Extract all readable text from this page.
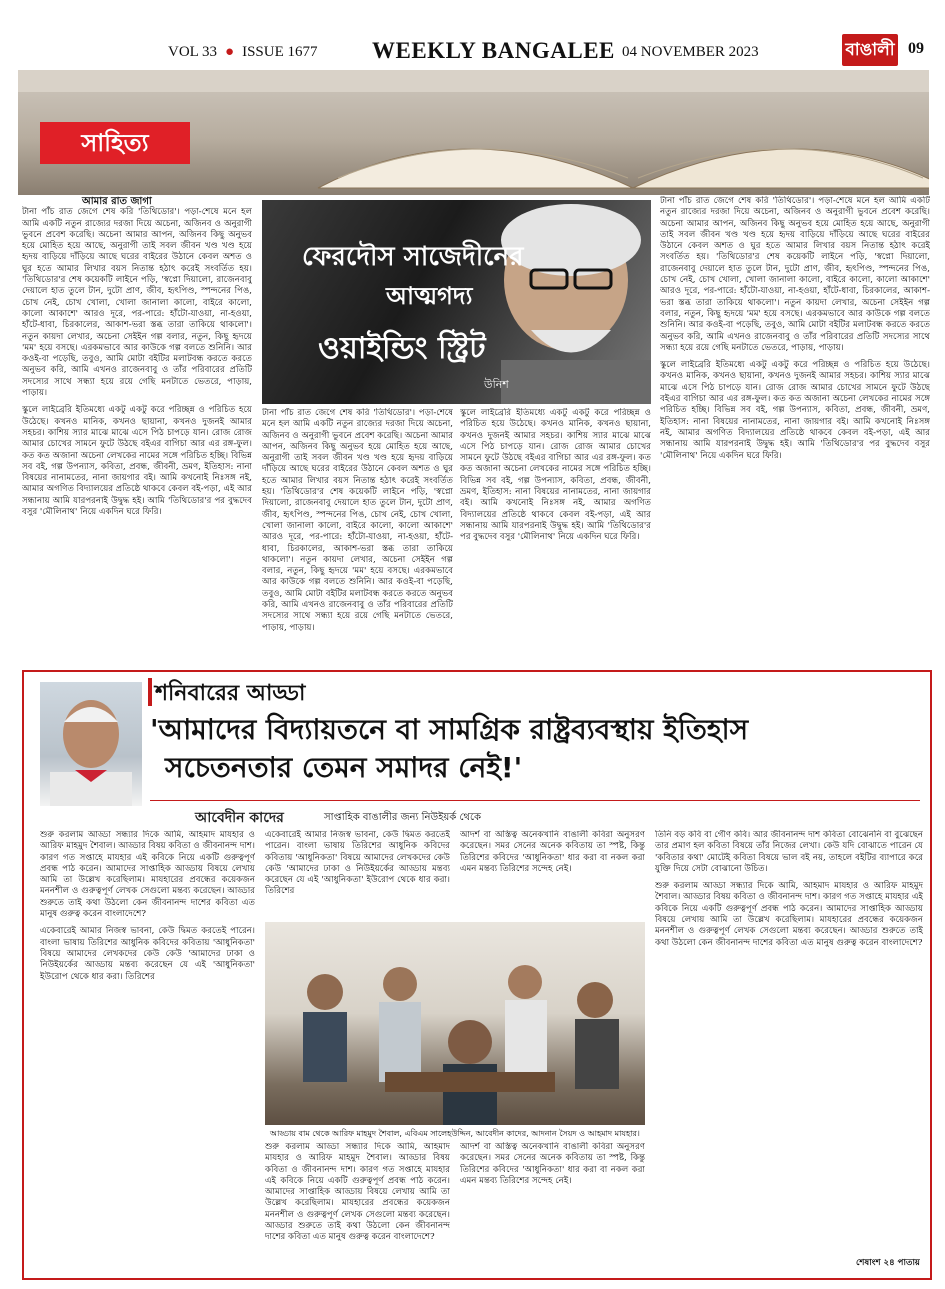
VOL 33 ● ISSUE 1677 WEEKLY BANGALEE 04 NOVEMBER 2023	বাঙালী 09
সাহিত্য
আমার রাত জাগা

টানা পাঁচ রাত জেগে শেষ করি 'তিথিডোর'। পড়া-শেষে মনে হল আমি একটি নতুন রাজ্যের দরজা দিয়ে অচেনা, অজিনব ও অনুরাগী ভুবনে প্রবেশ করেছি। অচেনা আমার আপন, অজিনব কিছু অনুভব হয়ে মোহিত হয়ে আছে, অনুরাগী তাই সবল জীবন খণ্ড খণ্ড হয়ে হৃদয় বাড়িয়ে দাঁড়িয়ে আছে ঘরের বাইরের উঠানে কেবল অশত ও ঘুর হতে আমার লিখার বয়স নিতান্ত হঠাৎ করেই সংবর্তিত হয়। 'তিথিডোর'র শেষ কয়েকটি লাইনে পড়ি, 'স্বপ্নো দিয়ালো, রাজেনবাবু দেয়ালে হাত তুলে টান, দুটো প্রাণ, জীব, হৃৎপিণ্ড, স্পন্দনের পিঙ, চোখ নেই, চোখ খোলা, খোলা জানালা কালো, বাইরে কালো, কালো আকাশে' আরও দূরে, পর-পারে: হাঁটো-যাওয়া, না-হওয়া, হাঁটে-ধাবা, চিরকালের, আকাশ-ভরা স্তব্ধ তারা তাকিয়ে থাকলো'। নতুন কায়দা লেখার, অচেনা সেইইন গল্প বলার, নতুন, কিছু হৃদয়ে 'মম' হয়ে বসছে। এরকমভাবে আর কাউকে গল্প বলতে শুনিনি। আর কওই-বা পড়েছি, তবুও, আমি মোটা বইটির মলাটবন্ধ করতে করতে অনুভব করি, আমি এখনও রাজেনবাবু ও তাঁর পরিবারের প্রতিটি সদস্যের সাথে সন্ধ্যা হয়ে রয়ে গেছি মনটাতে ভেতরে, পাড়ায়, পাড়ায়।

স্কুলে লাইব্রেরি ইতিমধ্যে একটু একটু করে পরিচ্ছন্ন ও পরিচিত হয়ে উঠেছে। কখনও মানিক, কখনও ছায়ানা, কখনও দুজনই আমার সহচর। কাশিয় স্যার মাঝে মাঝে এসে পিঠ চাপড়ে যান। রোজ রোজ আমার চোখের সামনে ফুটে উঠছে বইএর বাগিচা আর এর রঙ্গ-ফুল। কত কত অজানা অচেনা লেখকের নামের সঙ্গে পরিচিত হচ্ছি। বিভিন্ন সব বই, গল্প উপন্যাস, কবিতা, প্রবন্ধ, জীবনী, ভ্রমণ, ইতিহাস: নানা বিষয়ের নানামতের, নানা জায়গার বই। আমি কখনোই নিঃসঙ্গ নই, আমার অগণিত বিদ্যালয়ের প্রতিষ্ঠে থাকবে কেবল বই-পড়া, এই আর সন্ধানায় আমি যারপরনাই উদ্বুদ্ধ হই। আমি 'তিথিডোর'র পর বুদ্ধদেব বসুর 'মৌলিনাথ' নিয়ে একদিন ঘরে ফিরি।

ফেরদৌস সাজেদীনের
আত্মগদ্য
ওয়াইন্ডিং স্ট্রিট
উনিশ

টানা পাঁচ রাত জেগে শেষ করি 'তিথিডোর'। পড়া-শেষে মনে হল আমি একটি নতুন রাজ্যের দরজা দিয়ে অচেনা, অজিনব ও অনুরাগী ভুবনে প্রবেশ করেছি। অচেনা আমার আপন, অজিনব কিছু অনুভব হয়ে মোহিত হয়ে আছে, অনুরাগী তাই সবল জীবন খণ্ড খণ্ড হয়ে হৃদয় বাড়িয়ে দাঁড়িয়ে আছে ঘরের বাইরের উঠানে কেবল অশত ও ঘুর হতে আমার লিখার বয়স নিতান্ত হঠাৎ করেই সংবর্তিত হয়। 'তিথিডোর'র শেষ কয়েকটি লাইনে পড়ি, 'স্বপ্নো দিয়ালো, রাজেনবাবু দেয়ালে হাত তুলে টান, দুটো প্রাণ, জীব, হৃৎপিণ্ড, স্পন্দনের পিঙ, চোখ নেই, চোখ খোলা, খোলা জানালা কালো, বাইরে কালো, কালো আকাশে' আরও দূরে, পর-পারে: হাঁটো-যাওয়া, না-হওয়া, হাঁটে-ধাবা, চিরকালের, আকাশ-ভরা স্তব্ধ তারা তাকিয়ে থাকলো'। নতুন কায়দা লেখার, অচেনা সেইইন গল্প বলার, নতুন, কিছু হৃদয়ে 'মম' হয়ে বসছে। এরকমভাবে আর কাউকে গল্প বলতে শুনিনি। আর কওই-বা পড়েছি, তবুও, আমি মোটা বইটির মলাটবন্ধ করতে করতে অনুভব করি, আমি এখনও রাজেনবাবু ও তাঁর পরিবারের প্রতিটি সদস্যের সাথে সন্ধ্যা হয়ে রয়ে গেছি মনটাতে ভেতরে, পাড়ায়, পাড়ায়।

স্কুলে লাইব্রেরি ইতিমধ্যে একটু একটু করে পরিচ্ছন্ন ও পরিচিত হয়ে উঠেছে। কখনও মানিক, কখনও ছায়ানা, কখনও দুজনই আমার সহচর। কাশিয় স্যার মাঝে মাঝে এসে পিঠ চাপড়ে যান। রোজ রোজ আমার চোখের সামনে ফুটে উঠছে বইএর বাগিচা আর এর রঙ্গ-ফুল। কত কত অজানা অচেনা লেখকের নামের সঙ্গে পরিচিত হচ্ছি। বিভিন্ন সব বই, গল্প উপন্যাস, কবিতা, প্রবন্ধ, জীবনী, ভ্রমণ, ইতিহাস: নানা বিষয়ের নানামতের, নানা জায়গার বই। আমি কখনোই নিঃসঙ্গ নই, আমার অগণিত বিদ্যালয়ের প্রতিষ্ঠে থাকবে কেবল বই-পড়া, এই আর সন্ধানায় আমি যারপরনাই উদ্বুদ্ধ হই। আমি 'তিথিডোর'র পর বুদ্ধদেব বসুর 'মৌলিনাথ' নিয়ে একদিন ঘরে ফিরি।

টানা পাঁচ রাত জেগে শেষ করি 'তিথিডোর'। পড়া-শেষে মনে হল আমি একটি নতুন রাজ্যের দরজা দিয়ে অচেনা, অজিনব ও অনুরাগী ভুবনে প্রবেশ করেছি। অচেনা আমার আপন, অজিনব কিছু অনুভব হয়ে মোহিত হয়ে আছে, অনুরাগী তাই সবল জীবন খণ্ড খণ্ড হয়ে হৃদয় বাড়িয়ে দাঁড়িয়ে আছে ঘরের বাইরের উঠানে কেবল অশত ও ঘুর হতে আমার লিখার বয়স নিতান্ত হঠাৎ করেই সংবর্তিত হয়। 'তিথিডোর'র শেষ কয়েকটি লাইনে পড়ি, 'স্বপ্নো দিয়ালো, রাজেনবাবু দেয়ালে হাত তুলে টান, দুটো প্রাণ, জীব, হৃৎপিণ্ড, স্পন্দনের পিঙ, চোখ নেই, চোখ খোলা, খোলা জানালা কালো, বাইরে কালো, কালো আকাশে' আরও দূরে, পর-পারে: হাঁটো-যাওয়া, না-হওয়া, হাঁটে-ধাবা, চিরকালের, আকাশ-ভরা স্তব্ধ তারা তাকিয়ে থাকলো'। নতুন কায়দা লেখার, অচেনা সেইইন গল্প বলার, নতুন, কিছু হৃদয়ে 'মম' হয়ে বসছে। এরকমভাবে আর কাউকে গল্প বলতে শুনিনি। আর কওই-বা পড়েছি, তবুও, আমি মোটা বইটির মলাটবন্ধ করতে করতে অনুভব করি, আমি এখনও রাজেনবাবু ও তাঁর পরিবারের প্রতিটি সদস্যের সাথে সন্ধ্যা হয়ে রয়ে গেছি মনটাতে ভেতরে, পাড়ায়, পাড়ায়।

স্কুলে লাইব্রেরি ইতিমধ্যে একটু একটু করে পরিচ্ছন্ন ও পরিচিত হয়ে উঠেছে। কখনও মানিক, কখনও ছায়ানা, কখনও দুজনই আমার সহচর। কাশিয় স্যার মাঝে মাঝে এসে পিঠ চাপড়ে যান। রোজ রোজ আমার চোখের সামনে ফুটে উঠছে বইএর বাগিচা আর এর রঙ্গ-ফুল। কত কত অজানা অচেনা লেখকের নামের সঙ্গে পরিচিত হচ্ছি। বিভিন্ন সব বই, গল্প উপন্যাস, কবিতা, প্রবন্ধ, জীবনী, ভ্রমণ, ইতিহাস: নানা বিষয়ের নানামতের, নানা জায়গার বই। আমি কখনোই নিঃসঙ্গ নই, আমার অগণিত বিদ্যালয়ের প্রতিষ্ঠে থাকবে কেবল বই-পড়া, এই আর সন্ধানায় আমি যারপরনাই উদ্বুদ্ধ হই। আমি 'তিথিডোর'র পর বুদ্ধদেব বসুর 'মৌলিনাথ' নিয়ে একদিন ঘরে ফিরি।

শনিবারের আড্ডা
'আমাদের বিদ্যায়তনে বা সামগ্রিক রাষ্ট্রব্যবস্থায় ইতিহাস
সচেতনতার তেমন সমাদর নেই!'
আবেদীন কাদের	সাপ্তাহিক বাঙালীর জন্য নিউইয়র্ক থেকে

শুরু করলাম আড্ডা সন্ধ্যার দিকে আমি, আহমাদ মাযহার ও আরিফ মাহমুদ শৈবাল। আড্ডার বিষয় কবিতা ও জীবনানন্দ দাশ। কারণ গত সপ্তাহে মাযহার এই কবিকে নিয়ে একটি গুরুত্বপূর্ণ প্রবন্ধ পাঠ করেন। আমাদের সাপ্তাহিক আড্ডায় বিষয়ে লেখায় আমি তা উল্লেখ করেছিলাম। মাযহারের প্রবন্ধের কয়েকজন মননশীল ও গুরুত্বপূর্ণ লেখক সেগুলো মন্তব্য করেছেন। আড্ডার শুরুতে তাই কথা উঠলো কেন জীবনানন্দ দাশের কবিতা এত মানুষ গুরুত্ব করেন বাংলাদেশে?

একেবারেই আমার নিজস্ব ভাবনা, কেউ দ্বিমত করতেই পারেন। বাংলা ভাষায় তিরিশের আধুনিক কবিদের কবিতায় 'আধুনিকতা' বিষয়ে আমাদের লেখকদের কেউ কেউ 'আমাদের ঢাকা ও নিউইয়র্কের আড্ডায় মন্তব্য করেছেন যে এই 'আধুনিকতা' ইউরোপ থেকে ধার করা। তিরিশের

একেবারেই আমার নিজস্ব ভাবনা, কেউ দ্বিমত করতেই পারেন। বাংলা ভাষায় তিরিশের আধুনিক কবিদের কবিতায় 'আধুনিকতা' বিষয়ে আমাদের লেখকদের কেউ কেউ 'আমাদের ঢাকা ও নিউইয়র্কের আড্ডায় মন্তব্য করেছেন যে এই 'আধুনিকতা' ইউরোপ থেকে ধার করা। তিরিশের

আদর্শ বা অস্তিত্ব অনেকখানি বাঙালী কবিরা অনুসরণ করেছেন। সমর সেনের অনেক কবিতায় তা স্পষ্ট, কিন্তু তিরিশের কবিদের 'আধুনিকতা' ধার করা বা নকল করা এমন মন্তব্য তিরিশের সন্দেহ নেই।

আড্ডায় বাম থেকে আরিফ মাহমুদ শৈবাল, এবিএম সালেহউদ্দিন, আবেদীন কাদের, আদনান সৈয়দ ও আহমাদ মাযহার।

শুরু করলাম আড্ডা সন্ধ্যার দিকে আমি, আহমাদ মাযহার ও আরিফ মাহমুদ শৈবাল। আড্ডার বিষয় কবিতা ও জীবনানন্দ দাশ। কারণ গত সপ্তাহে মাযহার এই কবিকে নিয়ে একটি গুরুত্বপূর্ণ প্রবন্ধ পাঠ করেন। আমাদের সাপ্তাহিক আড্ডায় বিষয়ে লেখায় আমি তা উল্লেখ করেছিলাম। মাযহারের প্রবন্ধের কয়েকজন মননশীল ও গুরুত্বপূর্ণ লেখক সেগুলো মন্তব্য করেছেন। আড্ডার শুরুতে তাই কথা উঠলো কেন জীবনানন্দ দাশের কবিতা এত মানুষ গুরুত্ব করেন বাংলাদেশে?

আদর্শ বা অস্তিত্ব অনেকখানি বাঙালী কবিরা অনুসরণ করেছেন। সমর সেনের অনেক কবিতায় তা স্পষ্ট, কিন্তু তিরিশের কবিদের 'আধুনিকতা' ধার করা বা নকল করা এমন মন্তব্য তিরিশের সন্দেহ নেই।

তিনি বড় কবি বা গৌণ কবি। আর জীবনানন্দ দাশ কবিতা বোঝেননি বা বুঝেছেন তার প্রমাণ হল কবিতা বিষয়ে তাঁর নিজের লেখা। কেউ যদি বোঝাতে পারেন যে 'কবিতার কথা' মোটেই কবিতা বিষয়ে ভাল বই নয়, তাহলে বইটির ব্যাপারে করে যুক্তি দিয়ে সেটা বোঝানো উচিত।

শুরু করলাম আড্ডা সন্ধ্যার দিকে আমি, আহমাদ মাযহার ও আরিফ মাহমুদ শৈবাল। আড্ডার বিষয় কবিতা ও জীবনানন্দ দাশ। কারণ গত সপ্তাহে মাযহার এই কবিকে নিয়ে একটি গুরুত্বপূর্ণ প্রবন্ধ পাঠ করেন। আমাদের সাপ্তাহিক আড্ডায় বিষয়ে লেখায় আমি তা উল্লেখ করেছিলাম। মাযহারের প্রবন্ধের কয়েকজন মননশীল ও গুরুত্বপূর্ণ লেখক সেগুলো মন্তব্য করেছেন। আড্ডার শুরুতে তাই কথা উঠলো কেন জীবনানন্দ দাশের কবিতা এত মানুষ গুরুত্ব করেন বাংলাদেশে?

শেষাংশ ২৪ পাতায়
